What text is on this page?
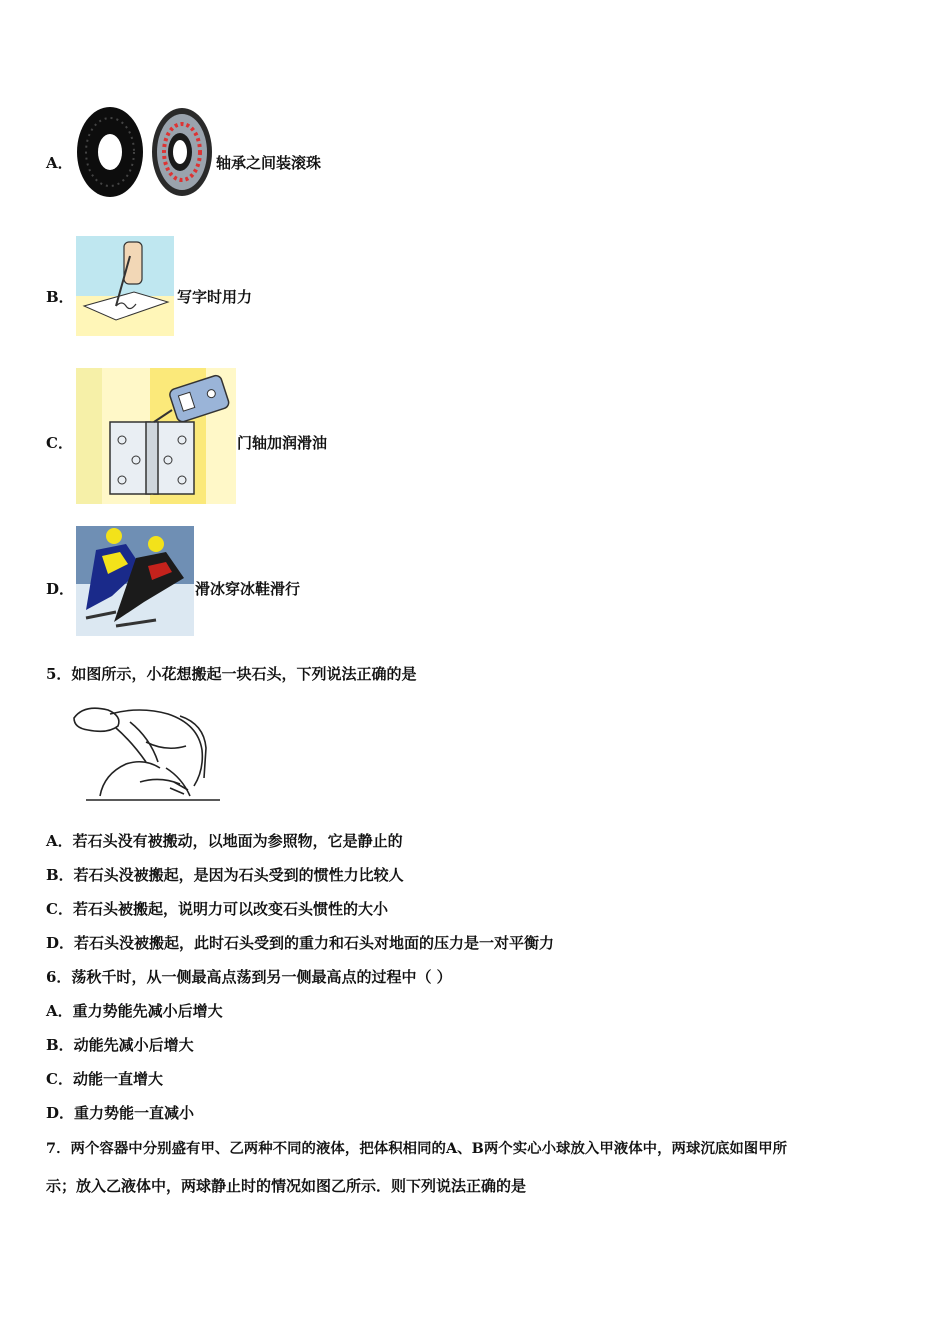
A．	轴承之间装滚珠
B．	写字时用力
C．	门轴加润滑油
D．	滑冰穿冰鞋滑行
5．如图所示，小花想搬起一块石头，下列说法正确的是
A．若石头没有被搬动，以地面为参照物，它是静止的
B．若石头没被搬起，是因为石头受到的惯性力比较人
C．若石头被搬起，说明力可以改变石头惯性的大小
D．若石头没被搬起，此时石头受到的重力和石头对地面的压力是一对平衡力
6．荡秋千时，从一侧最高点荡到另一侧最高点的过程中（ ）
A．重力势能先减小后增大
B．动能先减小后增大
C．动能一直增大
D．重力势能一直减小
7．两个容器中分别盛有甲、乙两种不同的液体，把体积相同的A、B两个实心小球放入甲液体中，两球沉底如图甲所
示；放入乙液体中，两球静止时的情况如图乙所示．则下列说法正确的是
